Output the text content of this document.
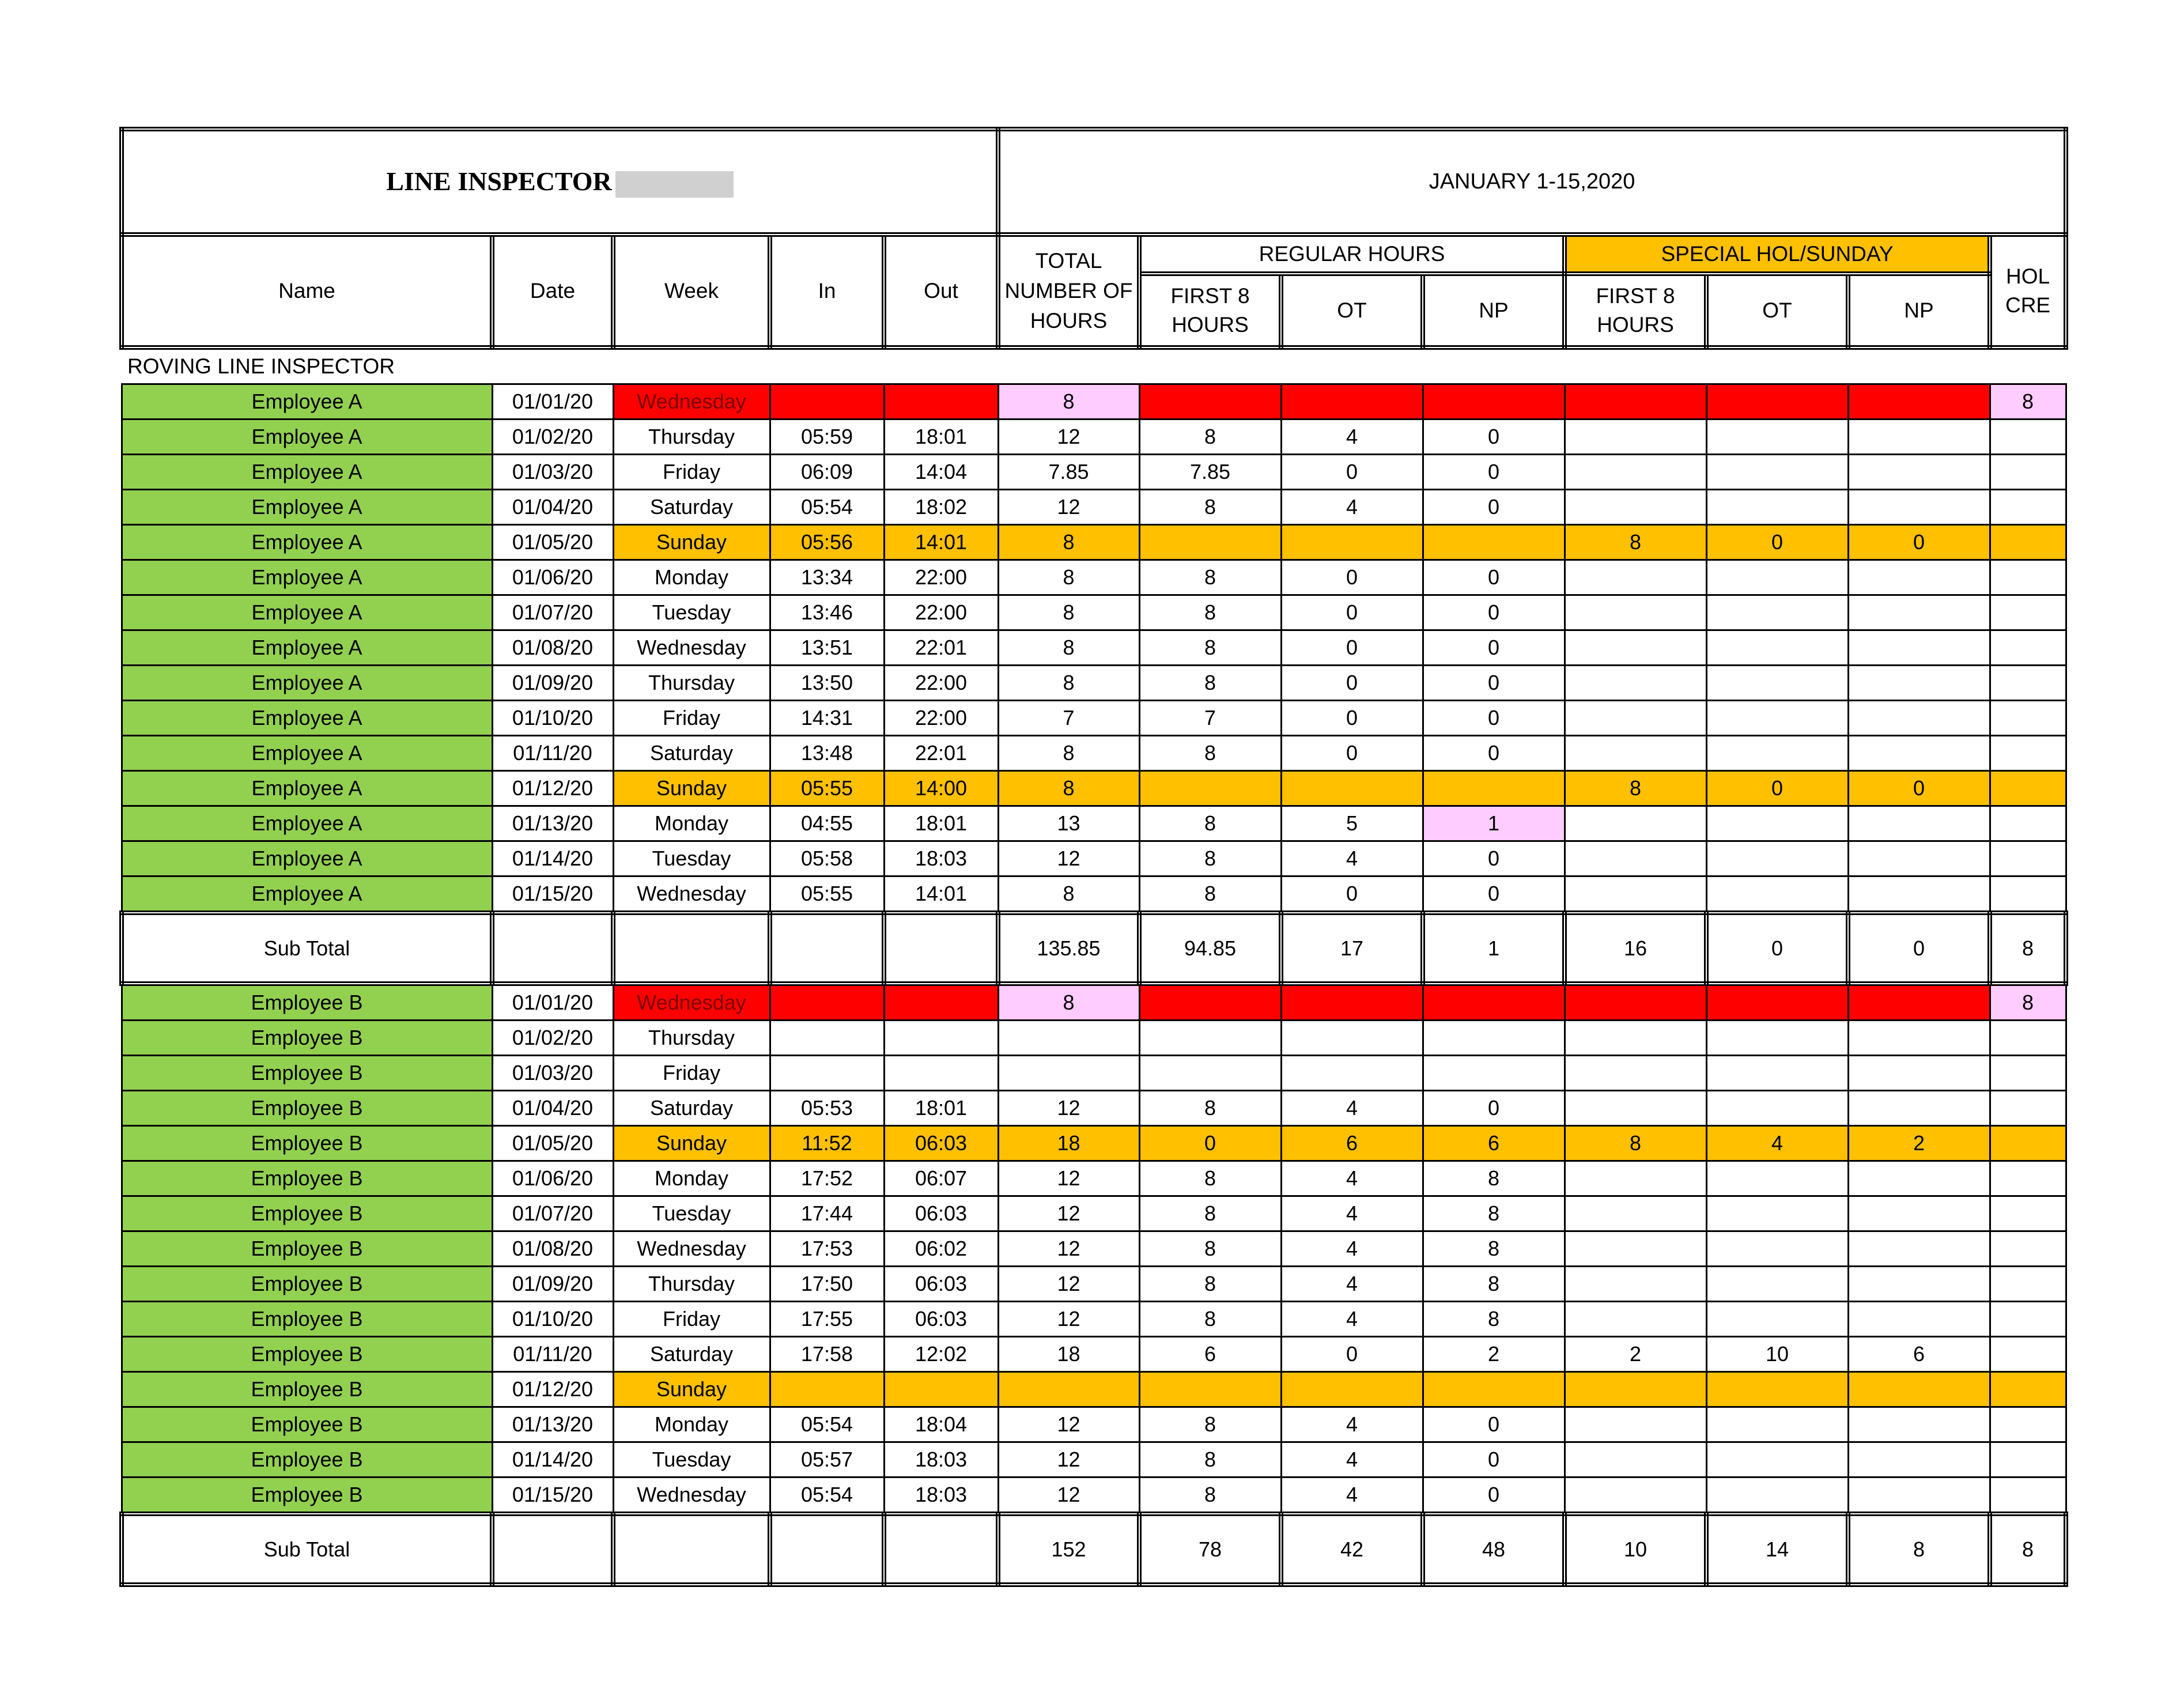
LINE INSPECTOR					JANUARY 1-15,2020							
Name	Date	Week	In	Out	TOTAL NUMBER OF HOURS	REGULAR HOURS			SPECIAL HOL/SUNDAY			HOL CRE
						FIRST 8 HOURS	OT	NP	FIRST 8 HOURS	OT	NP	
ROVING LINE INSPECTOR												
Employee A	01/01/20	Wednesday			8							8
Employee A	01/02/20	Thursday	05:59	18:01	12	8	4	0				
Employee A	01/03/20	Friday	06:09	14:04	7.85	7.85	0	0				
Employee A	01/04/20	Saturday	05:54	18:02	12	8	4	0				
Employee A	01/05/20	Sunday	05:56	14:01	8				8	0	0	
Employee A	01/06/20	Monday	13:34	22:00	8	8	0	0				
Employee A	01/07/20	Tuesday	13:46	22:00	8	8	0	0				
Employee A	01/08/20	Wednesday	13:51	22:01	8	8	0	0				
Employee A	01/09/20	Thursday	13:50	22:00	8	8	0	0				
Employee A	01/10/20	Friday	14:31	22:00	7	7	0	0				
Employee A	01/11/20	Saturday	13:48	22:01	8	8	0	0				
Employee A	01/12/20	Sunday	05:55	14:00	8				8	0	0	
Employee A	01/13/20	Monday	04:55	18:01	13	8	5	1				
Employee A	01/14/20	Tuesday	05:58	18:03	12	8	4	0				
Employee A	01/15/20	Wednesday	05:55	14:01	8	8	0	0				
Sub Total					135.85	94.85	17	1	16	0	0	8
Employee B	01/01/20	Wednesday			8							8
Employee B	01/02/20	Thursday										
Employee B	01/03/20	Friday										
Employee B	01/04/20	Saturday	05:53	18:01	12	8	4	0				
Employee B	01/05/20	Sunday	11:52	06:03	18	0	6	6	8	4	2	
Employee B	01/06/20	Monday	17:52	06:07	12	8	4	8				
Employee B	01/07/20	Tuesday	17:44	06:03	12	8	4	8				
Employee B	01/08/20	Wednesday	17:53	06:02	12	8	4	8				
Employee B	01/09/20	Thursday	17:50	06:03	12	8	4	8				
Employee B	01/10/20	Friday	17:55	06:03	12	8	4	8				
Employee B	01/11/20	Saturday	17:58	12:02	18	6	0	2	2	10	6	
Employee B	01/12/20	Sunday										
Employee B	01/13/20	Monday	05:54	18:04	12	8	4	0				
Employee B	01/14/20	Tuesday	05:57	18:03	12	8	4	0				
Employee B	01/15/20	Wednesday	05:54	18:03	12	8	4	0				
Sub Total					152	78	42	48	10	14	8	8
